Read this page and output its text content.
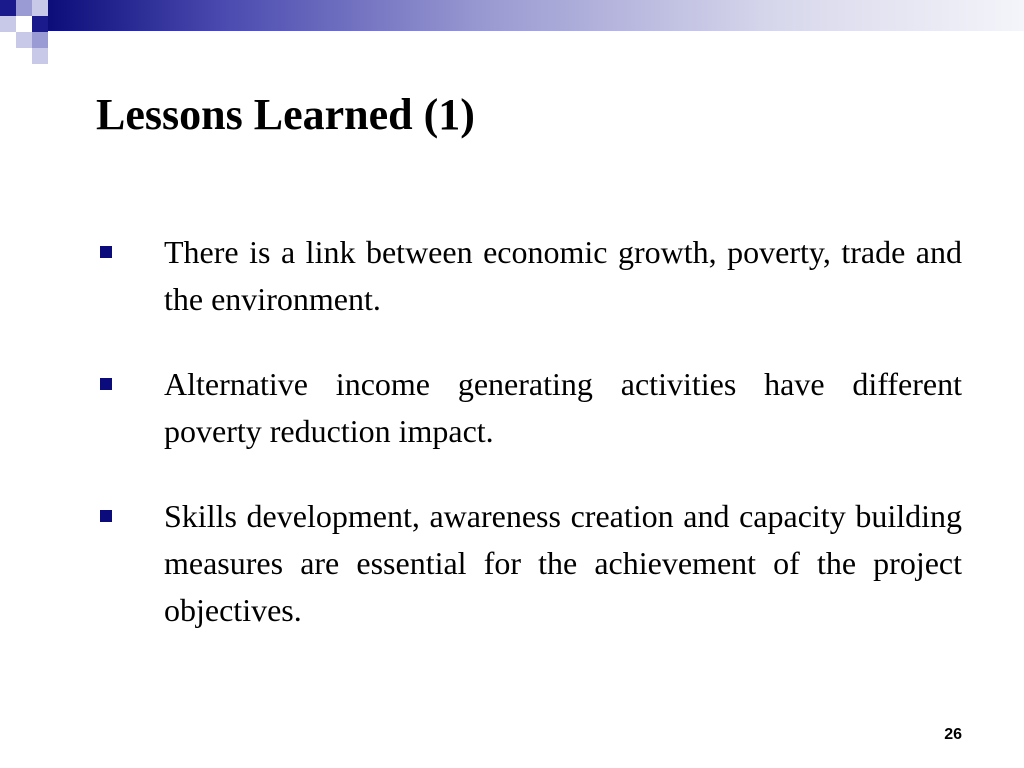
Lessons Learned (1)
There is a link between economic growth, poverty, trade and the environment.
Alternative income generating activities have different poverty reduction impact.
Skills development, awareness creation and capacity building measures are essential for the achievement of the project objectives.
26
